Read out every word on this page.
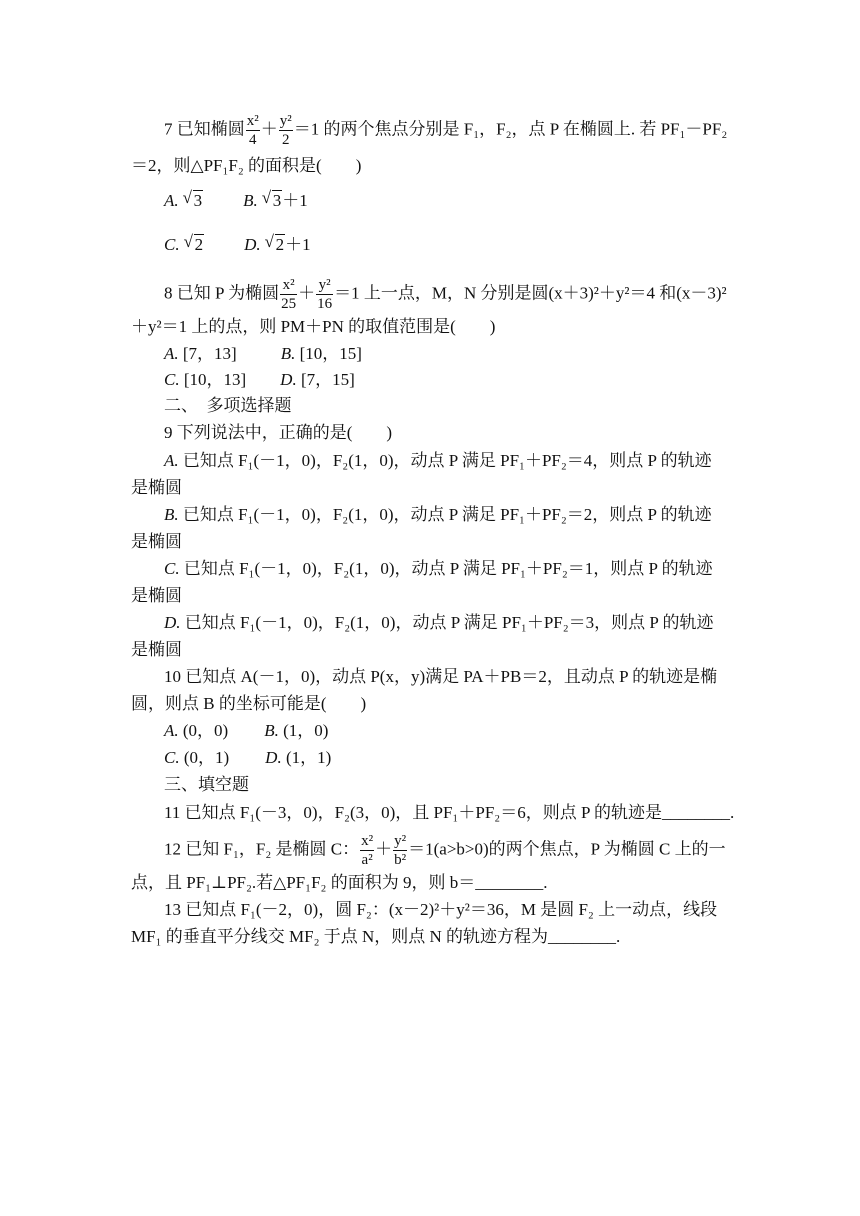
7 已知椭圆 $\frac{\text{x²}}{4} + \frac{\text{y²}}{2} =1$ 的两个焦点分别是 F₁，F₂，点 P 在椭圆上. 若 PF₁－PF₂
＝2，则△PF₁F₂ 的面积是(　　)
A. √ 3 B. √ 3＋1
C. √ 2 D. √ 2＋1
8 已知 P 为椭圆 $\frac{\text{x²}}{25} + \frac{\text{y²}}{16} =1$ 上一点，M，N 分别是圆(x＋3)²＋y²＝4 和(x－3)²
＋y²＝1 上的点，则 PM＋PN 的取值范围是(　　)
A. [7，13]	B. [10，15]
C. [10，13] D. [7，15]
二、　多项选择题
9 下列说法中，正确的是(　　)
A. 已知点 F₁(－1，0)，F₂(1，0)，动点 P 满足 PF₁＋PF₂＝4，则点 P 的轨迹
是椭圆
B. 已知点 F₁(－1，0)，F₂(1，0)，动点 P 满足 PF₁＋PF₂＝2，则点 P 的轨迹
是椭圆
C. 已知点 F₁(－1，0)，F₂(1，0)，动点 P 满足 PF₁＋PF₂＝1，则点 P 的轨迹
是椭圆
D. 已知点 F₁(－1，0)，F₂(1，0)，动点 P 满足 PF₁＋PF₂＝3，则点 P 的轨迹
是椭圆
10 已知点 A(－1，0)，动点 P(x，y)满足 PA＋PB＝2，且动点 P 的轨迹是椭
圆，则点 B 的坐标可能是(　　)
A. (0，0) B. (1，0)
C. (0，1) D. (1，1)
三、填空题
11 已知点 F₁(－3，0)，F₂(3，0)，且 PF₁＋PF₂＝6，则点 P 的轨迹是________.
12 已知 F₁，F₂ 是椭圆 C： $\frac{\text{x²}}{\text{a²}} + \frac{\text{y²}}{\text{b²}} =1(a>b>0)$的两个焦点，P 为椭圆 C 上的一
点，且 PF₁⊥PF₂.若△PF₁F₂ 的面积为 9，则 b＝________.
13 已知点 F₁(－2，0)，圆 F₂：(x－2)²＋y²＝36，M 是圆 F₂ 上一动点，线段
MF₁ 的垂直平分线交 MF₂ 于点 N，则点 N 的轨迹方程为________.
